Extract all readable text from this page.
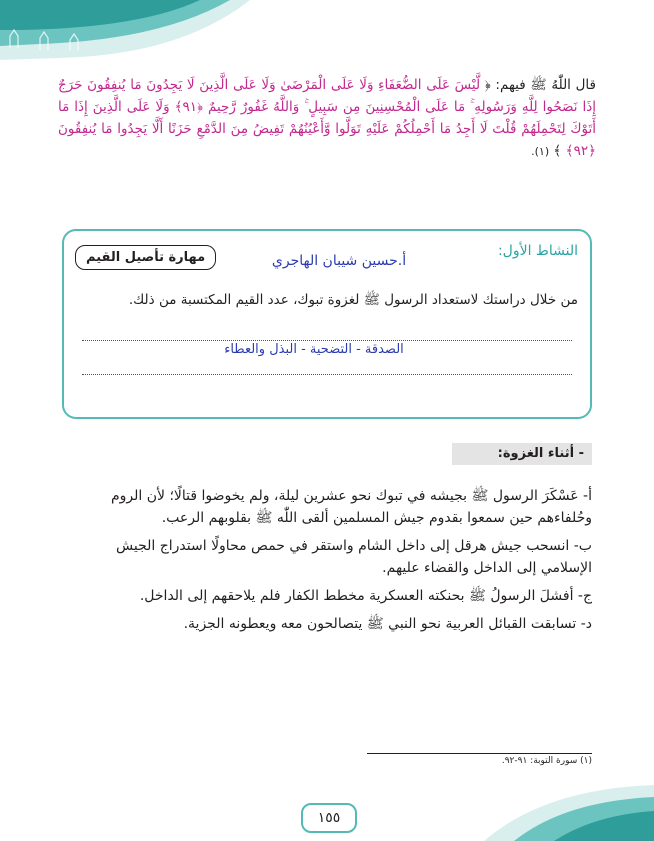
قال اللّٰهُ ﷺ فيهم: ﴿ لَّيْسَ عَلَى الضُّعَفَاءِ وَلَا عَلَى الْمَرْضَىٰ وَلَا عَلَى الَّذِينَ لَا يَجِدُونَ مَا يُنفِقُونَ حَرَجٌ إِذَا نَصَحُوا لِلَّهِ وَرَسُولِهِ ۚ مَا عَلَى الْمُحْسِنِينَ مِن سَبِيلٍ ۚ وَاللَّهُ غَفُورٌ رَّحِيمٌ ﴿٩١﴾ وَلَا عَلَى الَّذِينَ إِذَا مَا أَتَوْكَ لِتَحْمِلَهُمْ قُلْتَ لَا أَجِدُ مَا أَحْمِلُكُمْ عَلَيْهِ تَوَلَّوا وَّأَعْيُنُهُمْ تَفِيضُ مِنَ الدَّمْعِ حَزَنًا أَلَّا يَجِدُوا مَا يُنفِقُونَ ﴿٩٢﴾ ﴾ (١).
النشاط الأول:
أ.حسين شيبان الهاجري
مهارة تأصيل القيم
من خلال دراستك لاستعداد الرسول ﷺ لغزوة تبوك، عدد القيم المكتسبة من ذلك.
الصدقة - التضحية - البذل والعطاء
- أثناء الغزوة:

أ- عَسْكَرَ الرسول ﷺ بجيشه في تبوك نحو عشرين ليلة، ولم يخوضوا قتالًا؛ لأن الروم وحُلفاءهم حين سمعوا بقدوم جيش المسلمين ألقى اللّٰه ﷺ بقلوبهم الرعب.

ب- انسحب جيش هرقل إلى داخل الشام واستقر في حمص محاولًا استدراج الجيش الإسلامي إلى الداخل والقضاء عليهم.

ج- أفشلَ الرسولُ ﷺ بحنكته العسكرية مخطط الكفار فلم يلاحقهم إلى الداخل.

د- تسابقت القبائل العربية نحو النبي ﷺ يتصالحون معه ويعطونه الجزية.

(١) سورة التوبة: ٩١-٩٢.
١٥٥
